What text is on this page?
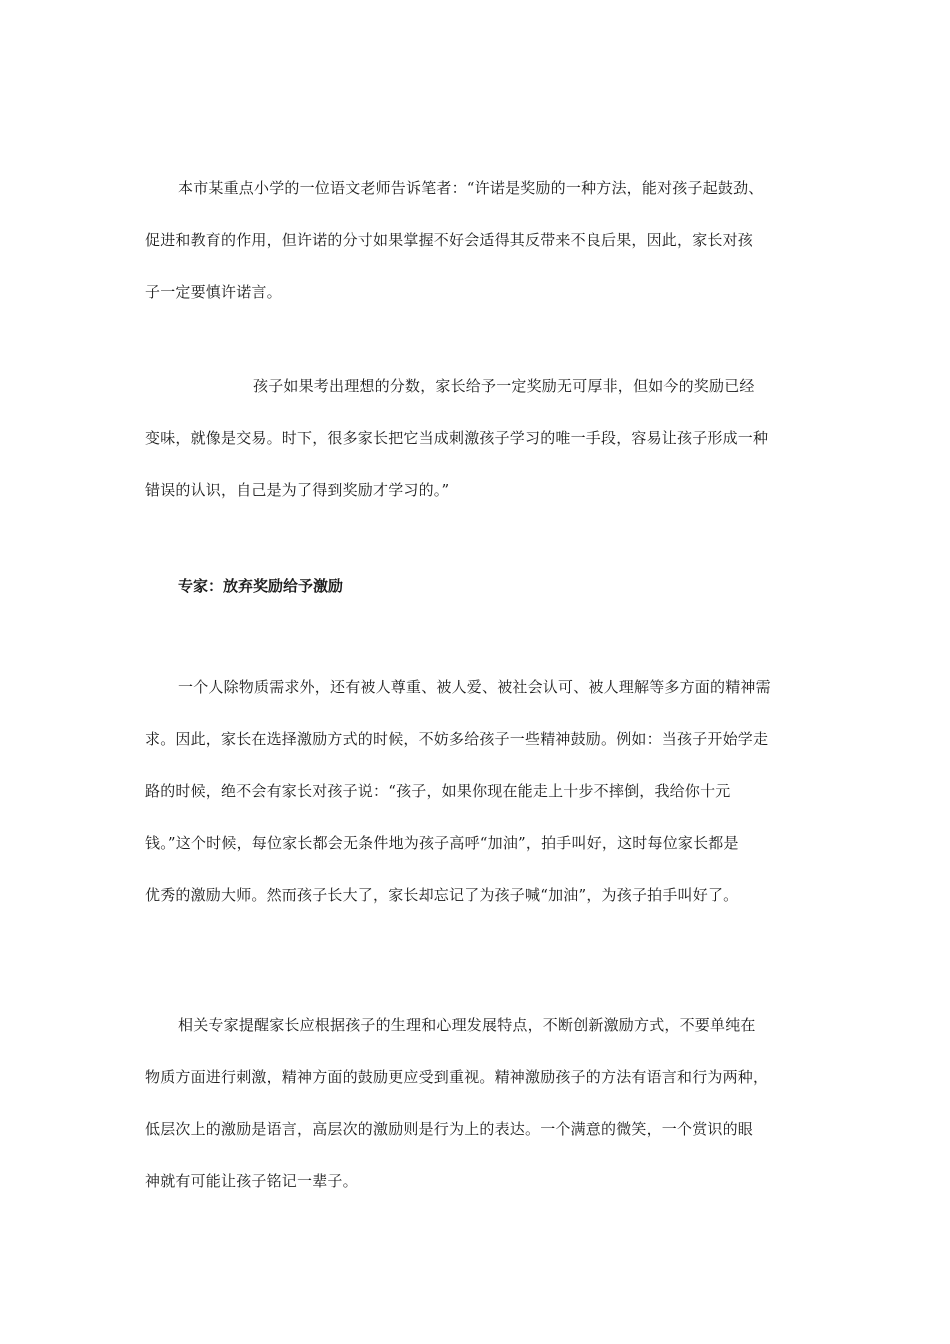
本市某重点小学的一位语文老师告诉笔者：“许诺是奖励的一种方法，能对孩子起鼓劲、
促进和教育的作用，但许诺的分寸如果掌握不好会适得其反带来不良后果，因此，家长对孩
子一定要慎许诺言。
孩子如果考出理想的分数，家长给予一定奖励无可厚非，但如今的奖励已经
变味，就像是交易。时下，很多家长把它当成刺激孩子学习的唯一手段，容易让孩子形成一种
错误的认识，自己是为了得到奖励才学习的。”
专家：放弃奖励给予激励
一个人除物质需求外，还有被人尊重、被人爱、被社会认可、被人理解等多方面的精神需
求。因此，家长在选择激励方式的时候，不妨多给孩子一些精神鼓励。例如：当孩子开始学走
路的时候，绝不会有家长对孩子说：“孩子，如果你现在能走上十步不摔倒，我给你十元
钱。”这个时候，每位家长都会无条件地为孩子高呼“加油”，拍手叫好，这时每位家长都是
优秀的激励大师。然而孩子长大了，家长却忘记了为孩子喊“加油”，为孩子拍手叫好了。
相关专家提醒家长应根据孩子的生理和心理发展特点，不断创新激励方式，不要单纯在
物质方面进行刺激，精神方面的鼓励更应受到重视。精神激励孩子的方法有语言和行为两种，
低层次上的激励是语言，高层次的激励则是行为上的表达。一个满意的微笑，一个赏识的眼
神就有可能让孩子铭记一辈子。
